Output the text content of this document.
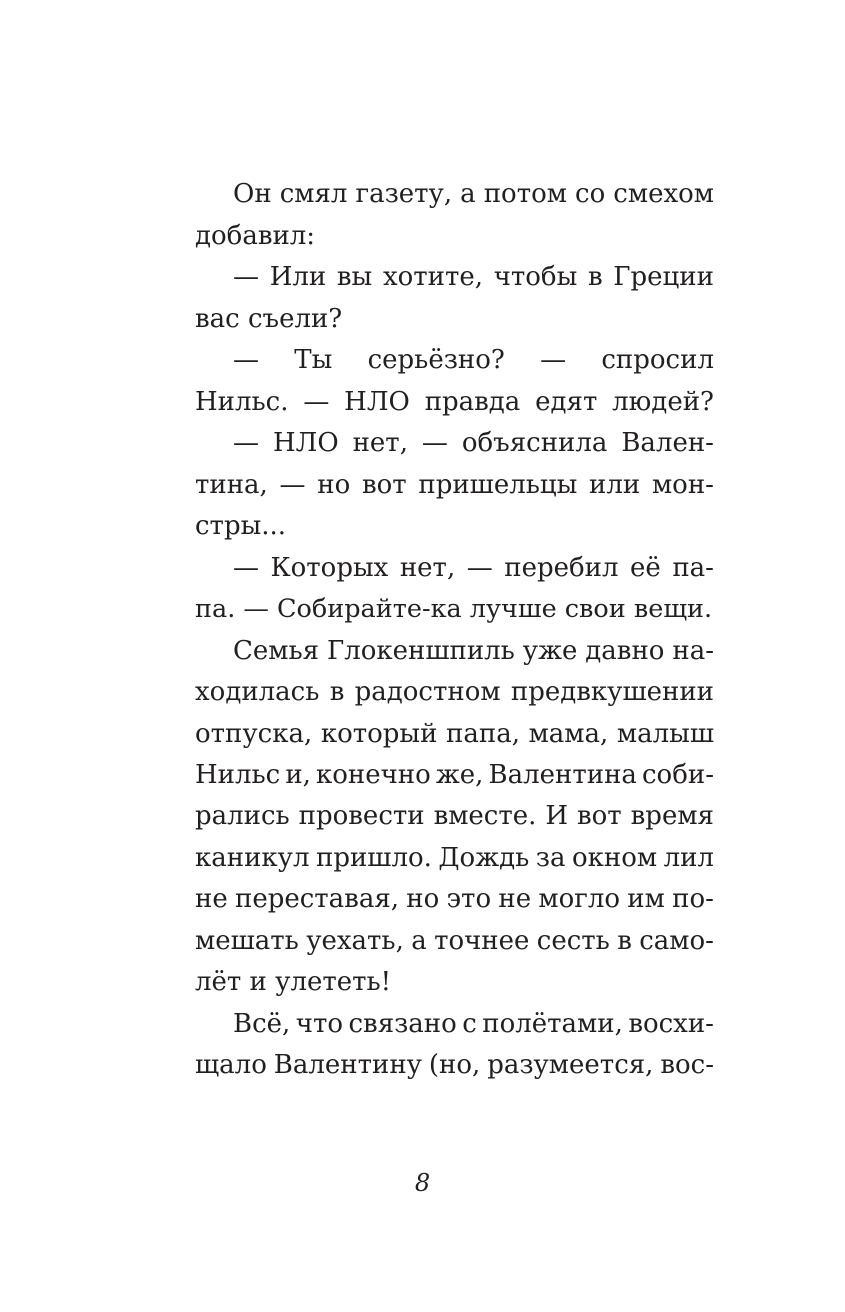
Он смял газету, а потом со смехом
добавил:
— Или вы хотите, чтобы в Греции
вас съели?
— Ты серьёзно? — спросил
Нильс. — НЛО правда едят людей?
— НЛО нет, — объяснила Вален-
тина, — но вот пришельцы или мон-
стры...
— Которых нет, — перебил её па-
па. — Собирайте-ка лучше свои вещи.
Семья Глокеншпиль уже давно на-
ходилась в радостном предвкушении
отпуска, который папа, мама, малыш
Нильс и, конечно же, Валентина соби-
рались провести вместе. И вот время
каникул пришло. Дождь за окном лил
не переставая, но это не могло им по-
мешать уехать, а точнее сесть в само-
лёт и улететь!
Всё, что связано с полётами, восхи-
щало Валентину (но, разумеется, вос-
8
